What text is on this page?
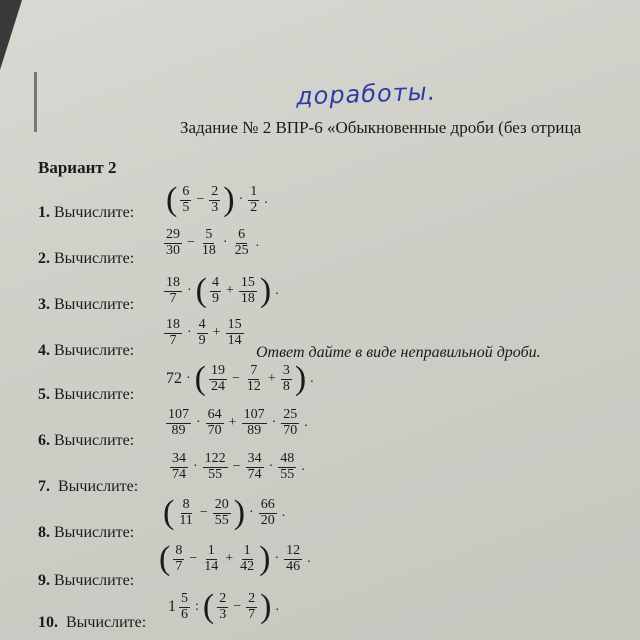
доработы.
Задание № 2 ВПР-6 «Обыкновенные дроби (без отрица
Вариант 2
1. Вычислите: ( $\frac{6}{5} - \frac{2}{3}$ ) · $\frac{1}{2}$ .
2. Вычислите:
$\frac{29}{30} - \frac{5}{18} \cdot \frac{6}{25}$ .
3. Вычислите: $\frac{18}{7}$ · ( $\frac{4}{9} + \frac{15}{18}$ ) .
4. Вычислите:
$\frac{18}{7} \cdot \frac{4}{9} + \frac{15}{14}$
Ответ дайте в виде неправильной дроби.
5. Вычислите:
72 · ( $\frac{19}{24} - \frac{7}{12} + \frac{3}{8}$ ) .
6. Вычислите:
$\frac{107}{89} \cdot \frac{64}{70} + \frac{107}{89} \cdot \frac{25}{70}$ .
7. Вычислите:
$\frac{34}{74} \cdot \frac{122}{55} - \frac{34}{74} \cdot \frac{48}{55}$ .
8. Вычислите:
( $\frac{8}{11} - \frac{20}{55}$ ) · $\frac{66}{20}$ .
9. Вычислите:
( $\frac{8}{7} - \frac{1}{14} + \frac{1}{42}$ ) · $\frac{12}{46}$ .
10. Вычислите:
$1 \frac{5}{6}$ : ( $\frac{2}{3} - \frac{2}{7}$ ) .
